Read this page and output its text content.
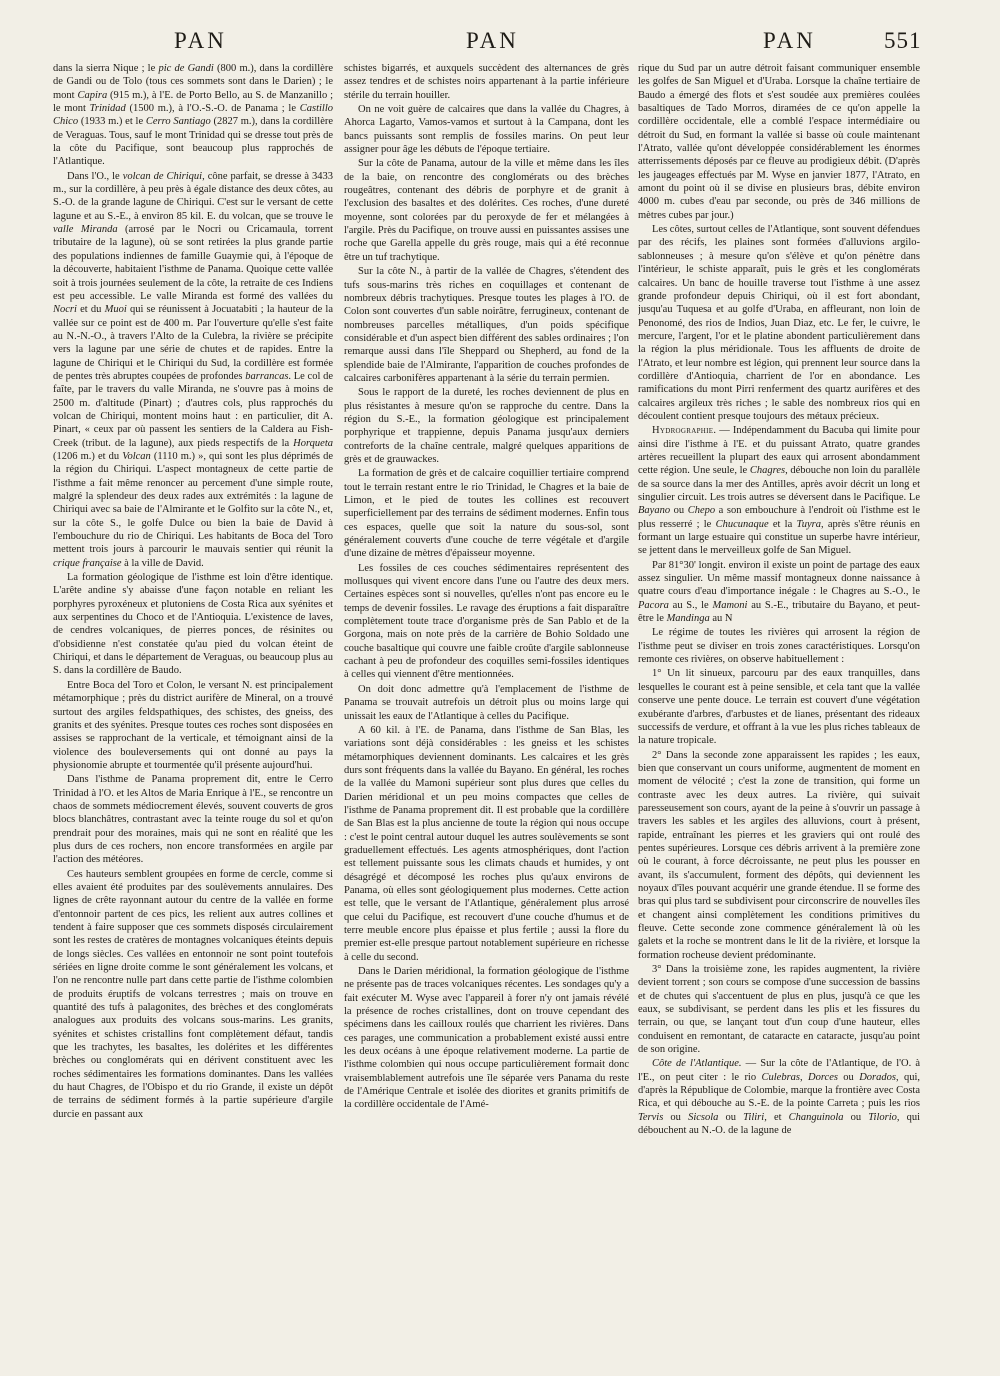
PAN	PAN	PAN	551

dans la sierra Nique ; le pic de Gandi (800 m.), dans la cordillère de Gandi ou de Tolo (tous ces sommets sont dans le Darien) ; le mont Capira (915 m.), à l'E. de Porto Bello, au S. de Manzanillo ; le mont Trinidad (1500 m.), à l'O.-S.-O. de Panama ; le Castillo Chico (1933 m.) et le Cerro Santiago (2827 m.), dans la cordillère de Veraguas. Tous, sauf le mont Trinidad qui se dresse tout près de la côte du Pacifique, sont beaucoup plus rapprochés de l'Atlantique.

Dans l'O., le volcan de Chiriqui, cône parfait, se dresse à 3433 m., sur la cordillère, à peu près à égale distance des deux côtes, au S.-O. de la grande lagune de Chiriqui. C'est sur le versant de cette lagune et au S.-E., à environ 85 kil. E. du volcan, que se trouve le valle Miranda (arrosé par le Nocri ou Cricamaula, torrent tributaire de la lagune), où se sont retirées la plus grande partie des populations indiennes de famille Guaymie qui, à l'époque de la découverte, habitaient l'isthme de Panama. Quoique cette vallée soit à trois journées seulement de la côte, la retraite de ces Indiens est peu accessible. Le valle Miranda est formé des vallées du Nocri et du Muoi qui se réunissent à Jocuatabiti ; la hauteur de la vallée sur ce point est de 400 m. Par l'ouverture qu'elle s'est faite au N.-N.-O., à travers l'Alto de la Culebra, la rivière se précipite vers la lagune par une série de chutes et de rapides. Entre la lagune de Chiriqui et le Chiriqui du Sud, la cordillère est formée de pentes très abruptes coupées de profondes barrancas. Le col de faîte, par le travers du valle Miranda, ne s'ouvre pas à moins de 2500 m. d'altitude (Pinart) ; d'autres cols, plus rapprochés du volcan de Chiriqui, montent moins haut : en particulier, dit A. Pinart, « ceux par où passent les sentiers de la Caldera au Fish-Creek (tribut. de la lagune), aux pieds respectifs de la Horqueta (1206 m.) et du Volcan (1110 m.) », qui sont les plus déprimés de la région du Chiriqui. L'aspect montagneux de cette partie de l'isthme a fait même renoncer au percement d'une simple route, malgré la splendeur des deux rades aux extrémités : la lagune de Chiriqui avec sa baie de l'Almirante et le Golfito sur la côte N., et, sur la côte S., le golfe Dulce ou bien la baie de David à l'embouchure du rio de Chiriqui. Les habitants de Boca del Toro mettent trois jours à parcourir le mauvais sentier qui réunit la crique française à la ville de David.

La formation géologique de l'isthme est loin d'être identique. L'arête andine s'y abaisse d'une façon notable en reliant les porphyres pyroxéneux et plutoniens de Costa Rica aux syénites et aux serpentines du Choco et de l'Antioquia. L'existence de laves, de cendres volcaniques, de pierres ponces, de résinites ou d'obsidienne n'est constatée qu'au pied du volcan éteint de Chiriqui, et dans le département de Veraguas, ou beaucoup plus au S. dans la cordillère de Baudo.

Entre Boca del Toro et Colon, le versant N. est principalement métamorphique ; près du district aurifère de Mineral, on a trouvé surtout des argiles feldspathiques, des schistes, des gneiss, des granits et des syénites. Presque toutes ces roches sont disposées en assises se rapprochant de la verticale, et témoignant ainsi de la violence des bouleversements qui ont donné au pays la physionomie abrupte et tourmentée qu'il présente aujourd'hui.

Dans l'isthme de Panama proprement dit, entre le Cerro Trinidad à l'O. et les Altos de Maria Enrique à l'E., se rencontre un chaos de sommets médiocrement élevés, souvent couverts de gros blocs blanchâtres, contrastant avec la teinte rouge du sol et qu'on prendrait pour des moraines, mais qui ne sont en réalité que les plus durs de ces rochers, non encore transformées en argile par l'action des météores.

Ces hauteurs semblent groupées en forme de cercle, comme si elles avaient été produites par des soulèvements annulaires. Des lignes de crête rayonnant autour du centre de la vallée en forme d'entonnoir partent de ces pics, les relient aux autres collines et tendent à faire supposer que ces sommets disposés circulairement sont les restes de cratères de montagnes volcaniques éteints depuis de longs siècles. Ces vallées en entonnoir ne sont point toutefois sériées en ligne droite comme le sont généralement les volcans, et l'on ne rencontre nulle part dans cette partie de l'isthme colombien de produits éruptifs de volcans terrestres ; mais on trouve en quantité des tufs à palagonites, des brèches et des conglomérats analogues aux produits des volcans sous-marins. Les granits, syénites et schistes cristallins font complètement défaut, tandis que les trachytes, les basaltes, les dolérites et les différentes brèches ou conglomérats qui en dérivent constituent avec les roches sédimentaires les formations dominantes. Dans les vallées du haut Chagres, de l'Obispo et du rio Grande, il existe un dépôt de terrains de sédiment formés à la partie supérieure d'argile durcie en passant aux

schistes bigarrés, et auxquels succèdent des alternances de grès assez tendres et de schistes noirs appartenant à la partie inférieure stérile du terrain houiller.

On ne voit guère de calcaires que dans la vallée du Chagres, à Ahorca Lagarto, Vamos-vamos et surtout à la Campana, dont les bancs puissants sont remplis de fossiles marins. On peut leur assigner pour âge les débuts de l'époque tertiaire.

Sur la côte de Panama, autour de la ville et même dans les îles de la baie, on rencontre des conglomérats ou des brèches rougeâtres, contenant des débris de porphyre et de granit à l'exclusion des basaltes et des dolérites. Ces roches, d'une dureté moyenne, sont colorées par du peroxyde de fer et mélangées à l'argile. Près du Pacifique, on trouve aussi en puissantes assises une roche que Garella appelle du grès rouge, mais qui a été reconnue être un tuf trachytique.

Sur la côte N., à partir de la vallée de Chagres, s'étendent des tufs sous-marins très riches en coquillages et contenant de nombreux débris trachytiques. Presque toutes les plages à l'O. de Colon sont couvertes d'un sable noirâtre, ferrugineux, contenant de nombreuses parcelles métalliques, d'un poids spécifique considérable et d'un aspect bien différent des sables ordinaires ; l'on remarque aussi dans l'île Sheppard ou Shepherd, au fond de la splendide baie de l'Almirante, l'apparition de couches profondes de calcaires carbonifères appartenant à la série du terrain permien.

Sous le rapport de la dureté, les roches deviennent de plus en plus résistantes à mesure qu'on se rapproche du centre. Dans la région du S.-E., la formation géologique est principalement porphyrique et trappienne, depuis Panama jusqu'aux derniers contreforts de la chaîne centrale, malgré quelques apparitions de grès et de grauwackes.

La formation de grès et de calcaire coquillier tertiaire comprend tout le terrain restant entre le rio Trinidad, le Chagres et la baie de Limon, et le pied de toutes les collines est recouvert superficiellement par des terrains de sédiment modernes. Enfin tous ces espaces, quelle que soit la nature du sous-sol, sont généralement couverts d'une couche de terre végétale et d'argile d'une dizaine de mètres d'épaisseur moyenne.

Les fossiles de ces couches sédimentaires représentent des mollusques qui vivent encore dans l'une ou l'autre des deux mers. Certaines espèces sont si nouvelles, qu'elles n'ont pas encore eu le temps de devenir fossiles. Le ravage des éruptions a fait disparaître complètement toute trace d'organisme près de San Pablo et de la Gorgona, mais on note près de la carrière de Bohio Soldado une couche basaltique qui couvre une faible croûte d'argile sablonneuse cachant à peu de profondeur des coquilles semi-fossiles identiques à celles qui viennent d'être mentionnées.

On doit donc admettre qu'à l'emplacement de l'isthme de Panama se trouvait autrefois un détroit plus ou moins large qui unissait les eaux de l'Atlantique à celles du Pacifique.

A 60 kil. à l'E. de Panama, dans l'isthme de San Blas, les variations sont déjà considérables : les gneiss et les schistes métamorphiques deviennent dominants. Les calcaires et les grès durs sont fréquents dans la vallée du Bayano. En général, les roches de la vallée du Mamoni supérieur sont plus dures que celles du Darien méridional et un peu moins compactes que celles de l'isthme de Panama proprement dit. Il est probable que la cordillère de San Blas est la plus ancienne de toute la région qui nous occupe : c'est le point central autour duquel les autres soulèvements se sont graduellement effectués. Les agents atmosphériques, dont l'action est tellement puissante sous les climats chauds et humides, y ont désagrégé et décomposé les roches plus qu'aux environs de Panama, où elles sont géologiquement plus modernes. Cette action est telle, que le versant de l'Atlantique, généralement plus arrosé que celui du Pacifique, est recouvert d'une couche d'humus et de terre meuble encore plus épaisse et plus fertile ; aussi la flore du premier est-elle presque partout notablement supérieure en richesse à celle du second.

Dans le Darien méridional, la formation géologique de l'isthme ne présente pas de traces volcaniques récentes. Les sondages qu'y a fait exécuter M. Wyse avec l'appareil à forer n'y ont jamais révélé la présence de roches cristallines, dont on trouve cependant des spécimens dans les cailloux roulés que charrient les rivières. Dans ces parages, une communication a probablement existé aussi entre les deux océans à une époque relativement moderne. La partie de l'isthme colombien qui nous occupe particulièrement formait donc vraisemblablement autrefois une île séparée vers Panama du reste de l'Amérique Centrale et isolée des diorites et granits primitifs de la cordillère occidentale de l'Amé-

rique du Sud par un autre détroit faisant communiquer ensemble les golfes de San Miguel et d'Uraba. Lorsque la chaîne tertiaire de Baudo a émergé des flots et s'est soudée aux premières coulées basaltiques de Tado Morros, diramées de ce qu'on appelle la cordillère occidentale, elle a comblé l'espace intermédiaire ou détroit du Sud, en formant la vallée si basse où coule maintenant l'Atrato, vallée qu'ont développée considérablement les énormes atterrissements déposés par ce fleuve au prodigieux débit. (D'après les jaugeages effectués par M. Wyse en janvier 1877, l'Atrato, en amont du point où il se divise en plusieurs bras, débite environ 4000 m. cubes d'eau par seconde, ou près de 346 millions de mètres cubes par jour.)

Les côtes, surtout celles de l'Atlantique, sont souvent défendues par des récifs, les plaines sont formées d'alluvions argilo-sablonneuses ; à mesure qu'on s'élève et qu'on pénètre dans l'intérieur, le schiste apparaît, puis le grès et les conglomérats calcaires. Un banc de houille traverse tout l'isthme à une assez grande profondeur depuis Chiriqui, où il est fort abondant, jusqu'au Tuquesa et au golfe d'Uraba, en affleurant, non loin de Penonomé, des rios de Indios, Juan Diaz, etc. Le fer, le cuivre, le mercure, l'argent, l'or et le platine abondent particulièrement dans la région la plus méridionale. Tous les affluents de droite de l'Atrato, et leur nombre est légion, qui prennent leur source dans la cordillère d'Antioquia, charrient de l'or en abondance. Les ramifications du mont Pirri renferment des quartz aurifères et des calcaires argileux très riches ; le sable des nombreux rios qui en découlent contient presque toujours des métaux précieux.

Hydrographie. — Indépendamment du Bacuba qui limite pour ainsi dire l'isthme à l'E. et du puissant Atrato, quatre grandes artères recueillent la plupart des eaux qui arrosent abondamment cette région. Une seule, le Chagres, débouche non loin du parallèle de sa source dans la mer des Antilles, après avoir décrit un long et singulier circuit. Les trois autres se déversent dans le Pacifique. Le Bayano ou Chepo a son embouchure à l'endroit où l'isthme est le plus resserré ; le Chucunaque et la Tuyra, après s'être réunis en formant un large estuaire qui constitue un superbe havre intérieur, se jettent dans le merveilleux golfe de San Miguel.

Par 81°30' longit. environ il existe un point de partage des eaux assez singulier. Un même massif montagneux donne naissance à quatre cours d'eau d'importance inégale : le Chagres au S.-O., le Pacora au S., le Mamoni au S.-E., tributaire du Bayano, et peut-être le Mandinga au N

Le régime de toutes les rivières qui arrosent la région de l'isthme peut se diviser en trois zones caractéristiques. Lorsqu'on remonte ces rivières, on observe habituellement :

1° Un lit sinueux, parcouru par des eaux tranquilles, dans lesquelles le courant est à peine sensible, et cela tant que la vallée conserve une pente douce. Le terrain est couvert d'une végétation exubérante d'arbres, d'arbustes et de lianes, présentant des rideaux successifs de verdure, et offrant à la vue les plus riches tableaux de la nature tropicale.

2° Dans la seconde zone apparaissent les rapides ; les eaux, bien que conservant un cours uniforme, augmentent de moment en moment de vélocité ; c'est la zone de transition, qui forme un contraste avec les deux autres. La rivière, qui suivait paresseusement son cours, ayant de la peine à s'ouvrir un passage à travers les sables et les argiles des alluvions, court à présent, rapide, entraînant les pierres et les graviers qui ont roulé des pentes supérieures. Lorsque ces débris arrivent à la première zone où le courant, à force décroissante, ne peut plus les pousser en avant, ils s'accumulent, forment des dépôts, qui deviennent les noyaux d'îles pouvant acquérir une grande étendue. Il se forme des bras qui plus tard se subdivisent pour circonscrire de nouvelles îles et changent ainsi complètement les conditions primitives du fleuve. Cette seconde zone commence généralement là où les galets et la roche se montrent dans le lit de la rivière, et lorsque la formation rocheuse devient prédominante.

3° Dans la troisième zone, les rapides augmentent, la rivière devient torrent ; son cours se compose d'une succession de bassins et de chutes qui s'accentuent de plus en plus, jusqu'à ce que les eaux, se subdivisant, se perdent dans les plis et les fissures du terrain, ou que, se lançant tout d'un coup d'une hauteur, elles conduisent en remontant, de cataracte en cataracte, jusqu'au point de son origine.

Côte de l'Atlantique. — Sur la côte de l'Atlantique, de l'O. à l'E., on peut citer : le rio Culebras, Dorces ou Dorados, qui, d'après la République de Colombie, marque la frontière avec Costa Rica, et qui débouche au S.-E. de la pointe Carreta ; puis les rios Tervis ou Sicsola ou Tiliri, et Changuinola ou Tilorio, qui débouchent au N.-O. de la lagune de
